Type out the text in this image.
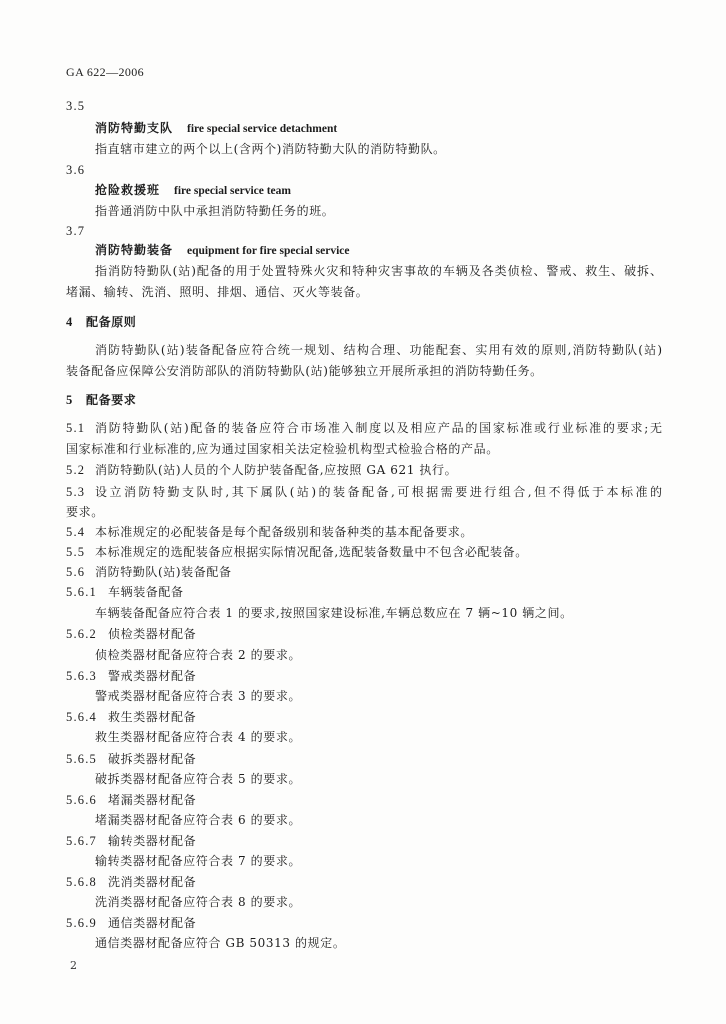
GA 622—2006
3.5
消防特勤支队 fire special service detachment
指直辖市建立的两个以上(含两个)消防特勤大队的消防特勤队。
3.6
抢险救援班 fire special service team
指普通消防中队中承担消防特勤任务的班。
3.7
消防特勤装备 equipment for fire special service
指消防特勤队(站)配备的用于处置特殊火灾和特种灾害事故的车辆及各类侦检、警戒、救生、破拆、
堵漏、输转、洗消、照明、排烟、通信、灭火等装备。
4 配备原则
消防特勤队(站)装备配备应符合统一规划、结构合理、功能配套、实用有效的原则,消防特勤队(站)
装备配备应保障公安消防部队的消防特勤队(站)能够独立开展所承担的消防特勤任务。
5 配备要求
5.1 消防特勤队(站)配备的装备应符合市场准入制度以及相应产品的国家标准或行业标准的要求;无
国家标准和行业标准的,应为通过国家相关法定检验机构型式检验合格的产品。
5.2 消防特勤队(站)人员的个人防护装备配备,应按照 GA 621 执行。
5.3 设立消防特勤支队时,其下属队(站)的装备配备,可根据需要进行组合,但不得低于本标准的
要求。
5.4 本标准规定的必配装备是每个配备级别和装备种类的基本配备要求。
5.5 本标准规定的选配装备应根据实际情况配备,选配装备数量中不包含必配装备。
5.6 消防特勤队(站)装备配备
5.6.1 车辆装备配备
车辆装备配备应符合表 1 的要求,按照国家建设标准,车辆总数应在 7 辆~10 辆之间。
5.6.2 侦检类器材配备
侦检类器材配备应符合表 2 的要求。
5.6.3 警戒类器材配备
警戒类器材配备应符合表 3 的要求。
5.6.4 救生类器材配备
救生类器材配备应符合表 4 的要求。
5.6.5 破拆类器材配备
破拆类器材配备应符合表 5 的要求。
5.6.6 堵漏类器材配备
堵漏类器材配备应符合表 6 的要求。
5.6.7 输转类器材配备
输转类器材配备应符合表 7 的要求。
5.6.8 洗消类器材配备
洗消类器材配备应符合表 8 的要求。
5.6.9 通信类器材配备
通信类器材配备应符合 GB 50313 的规定。
2
